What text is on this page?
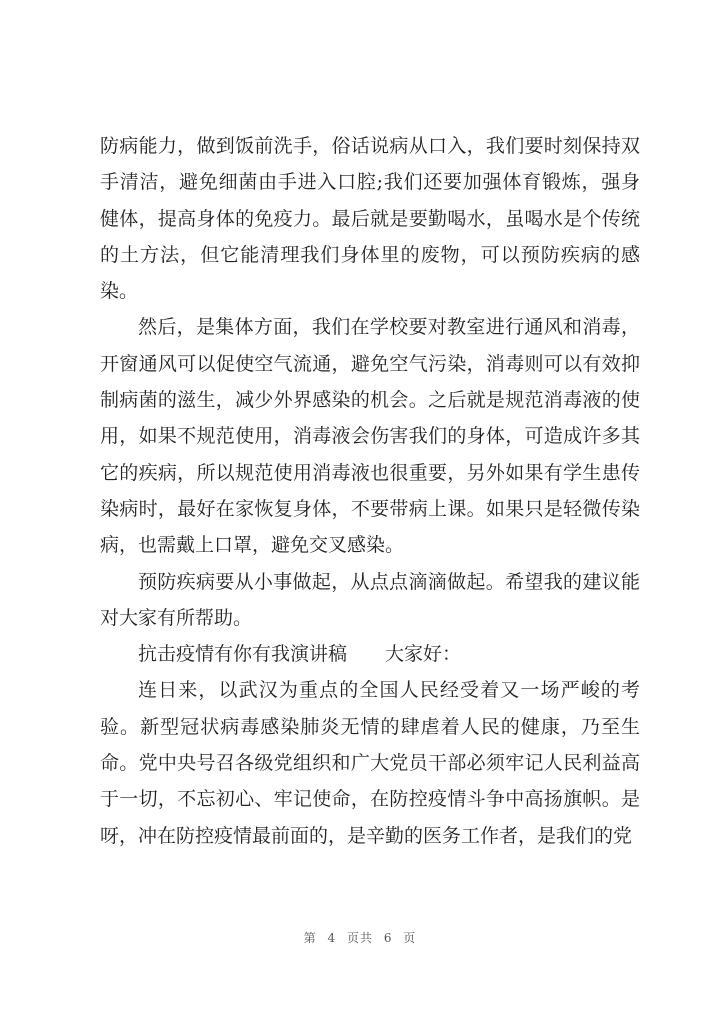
防病能力，做到饭前洗手，俗话说病从口入，我们要时刻保持双
手清洁，避免细菌由手进入口腔;我们还要加强体育锻炼，强身
健体，提高身体的免疫力。最后就是要勤喝水，虽喝水是个传统
的土方法，但它能清理我们身体里的废物，可以预防疾病的感
染。
然后，是集体方面，我们在学校要对教室进行通风和消毒，
开窗通风可以促使空气流通，避免空气污染，消毒则可以有效抑
制病菌的滋生，减少外界感染的机会。之后就是规范消毒液的使
用，如果不规范使用，消毒液会伤害我们的身体，可造成许多其
它的疾病，所以规范使用消毒液也很重要，另外如果有学生患传
染病时，最好在家恢复身体，不要带病上课。如果只是轻微传染
病，也需戴上口罩，避免交叉感染。
预防疾病要从小事做起，从点点滴滴做起。希望我的建议能
对大家有所帮助。
抗击疫情有你有我演讲稿　　大家好：
连日来，以武汉为重点的全国人民经受着又一场严峻的考
验。新型冠状病毒感染肺炎无情的肆虐着人民的健康，乃至生
命。党中央号召各级党组织和广大党员干部必须牢记人民利益高
于一切，不忘初心、牢记使命，在防控疫情斗争中高扬旗帜。是
呀，冲在防控疫情最前面的，是辛勤的医务工作者，是我们的党
第 4 页共 6 页
